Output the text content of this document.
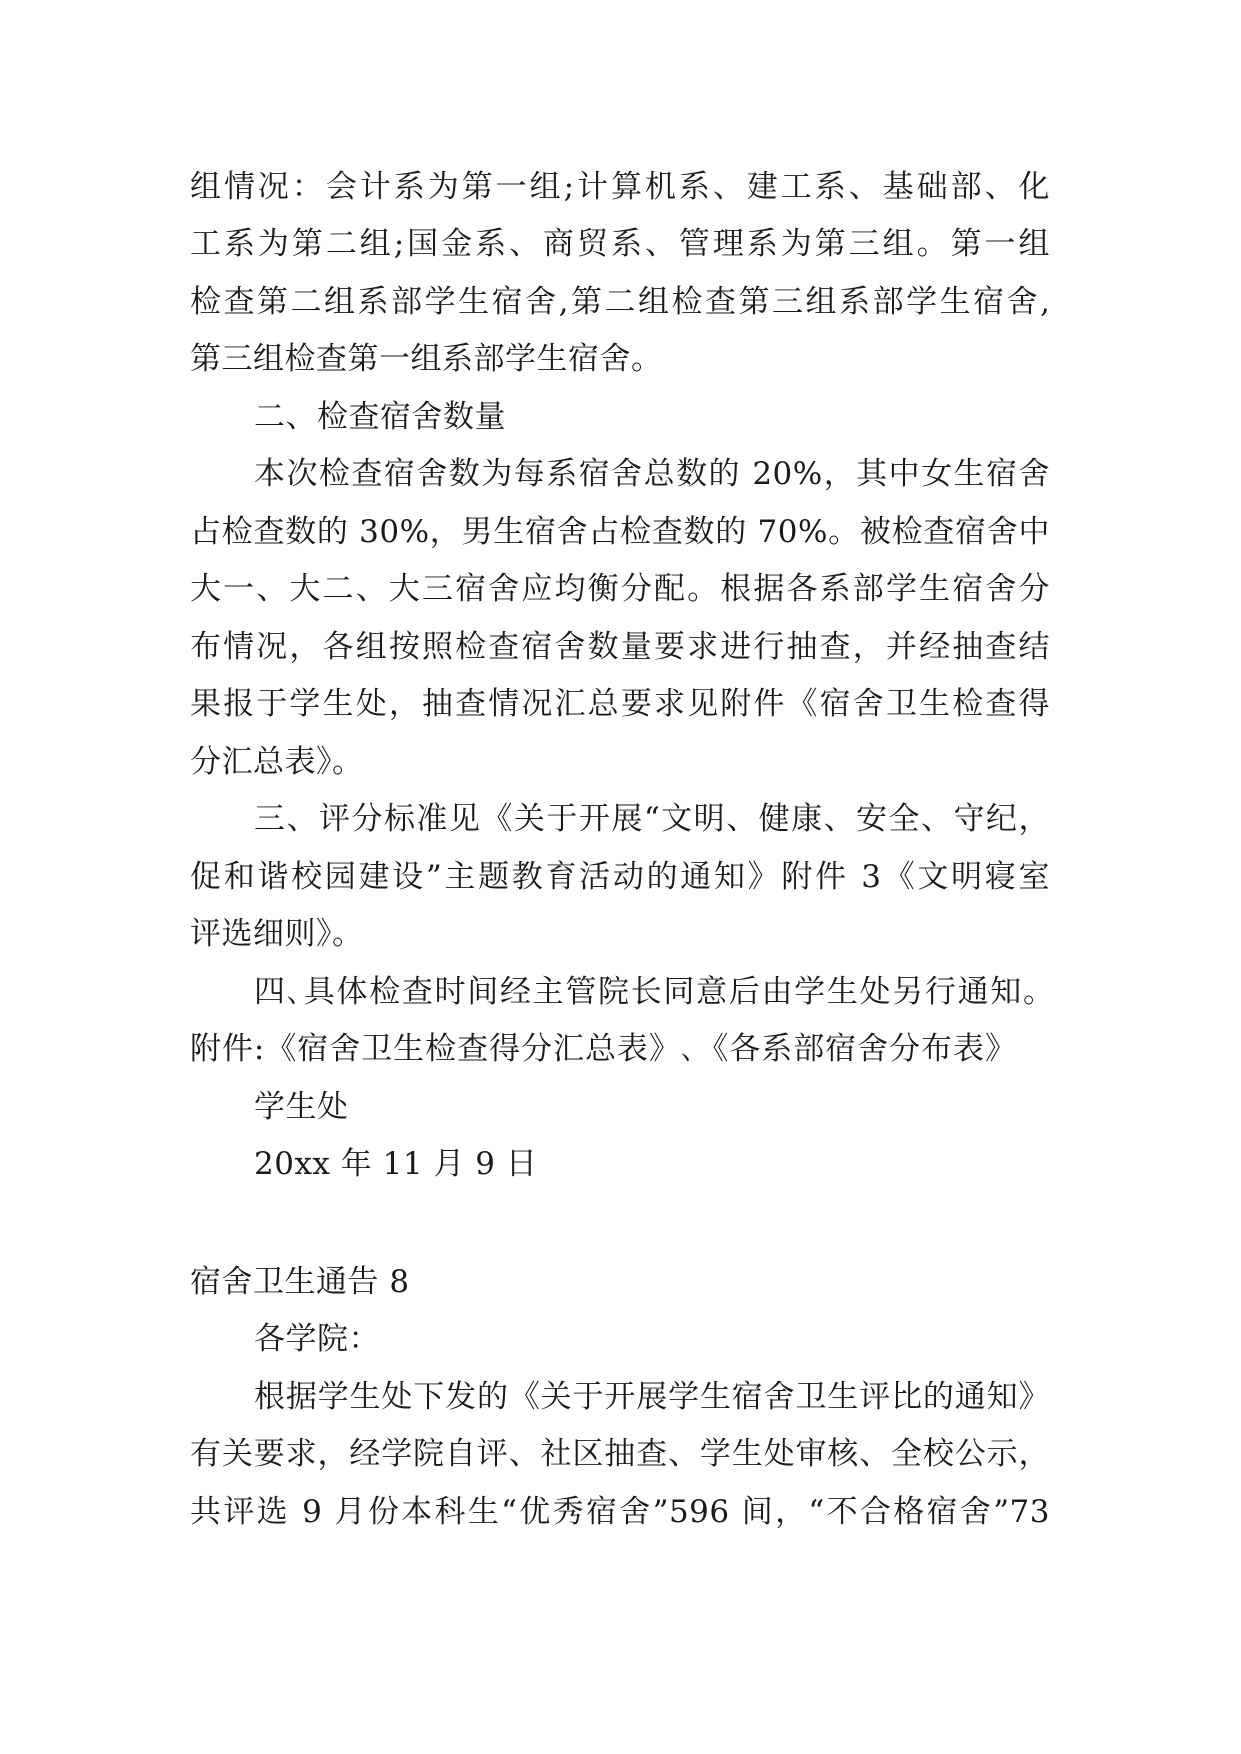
组情况：会计系为第一组;计算机系、建工系、基础部、化
工系为第二组;国金系、商贸系、管理系为第三组。第一组
检查第二组系部学生宿舍,第二组检查第三组系部学生宿舍,
第三组检查第一组系部学生宿舍。
二、检查宿舍数量
本次检查宿舍数为每系宿舍总数的 20%，其中女生宿舍
占检查数的 30%，男生宿舍占检查数的 70%。被检查宿舍中
大一、大二、大三宿舍应均衡分配。根据各系部学生宿舍分
布情况，各组按照检查宿舍数量要求进行抽查，并经抽查结
果报于学生处，抽查情况汇总要求见附件《宿舍卫生检查得
分汇总表》。
三、评分标准见《关于开展“文明、健康、安全、守纪，
促和谐校园建设”主题教育活动的通知》附件 3《文明寝室
评选细则》。
四､具体检查时间经主管院长同意后由学生处另行通知。
附件:《宿舍卫生检查得分汇总表》､《各系部宿舍分布表》
学生处
20xx 年 11 月 9 日
宿舍卫生通告 8
各学院：
根据学生处下发的《关于开展学生宿舍卫生评比的通知》
有关要求，经学院自评、社区抽查、学生处审核、全校公示，
共评选 9 月份本科生“优秀宿舍”596 间，“不合格宿舍”73
